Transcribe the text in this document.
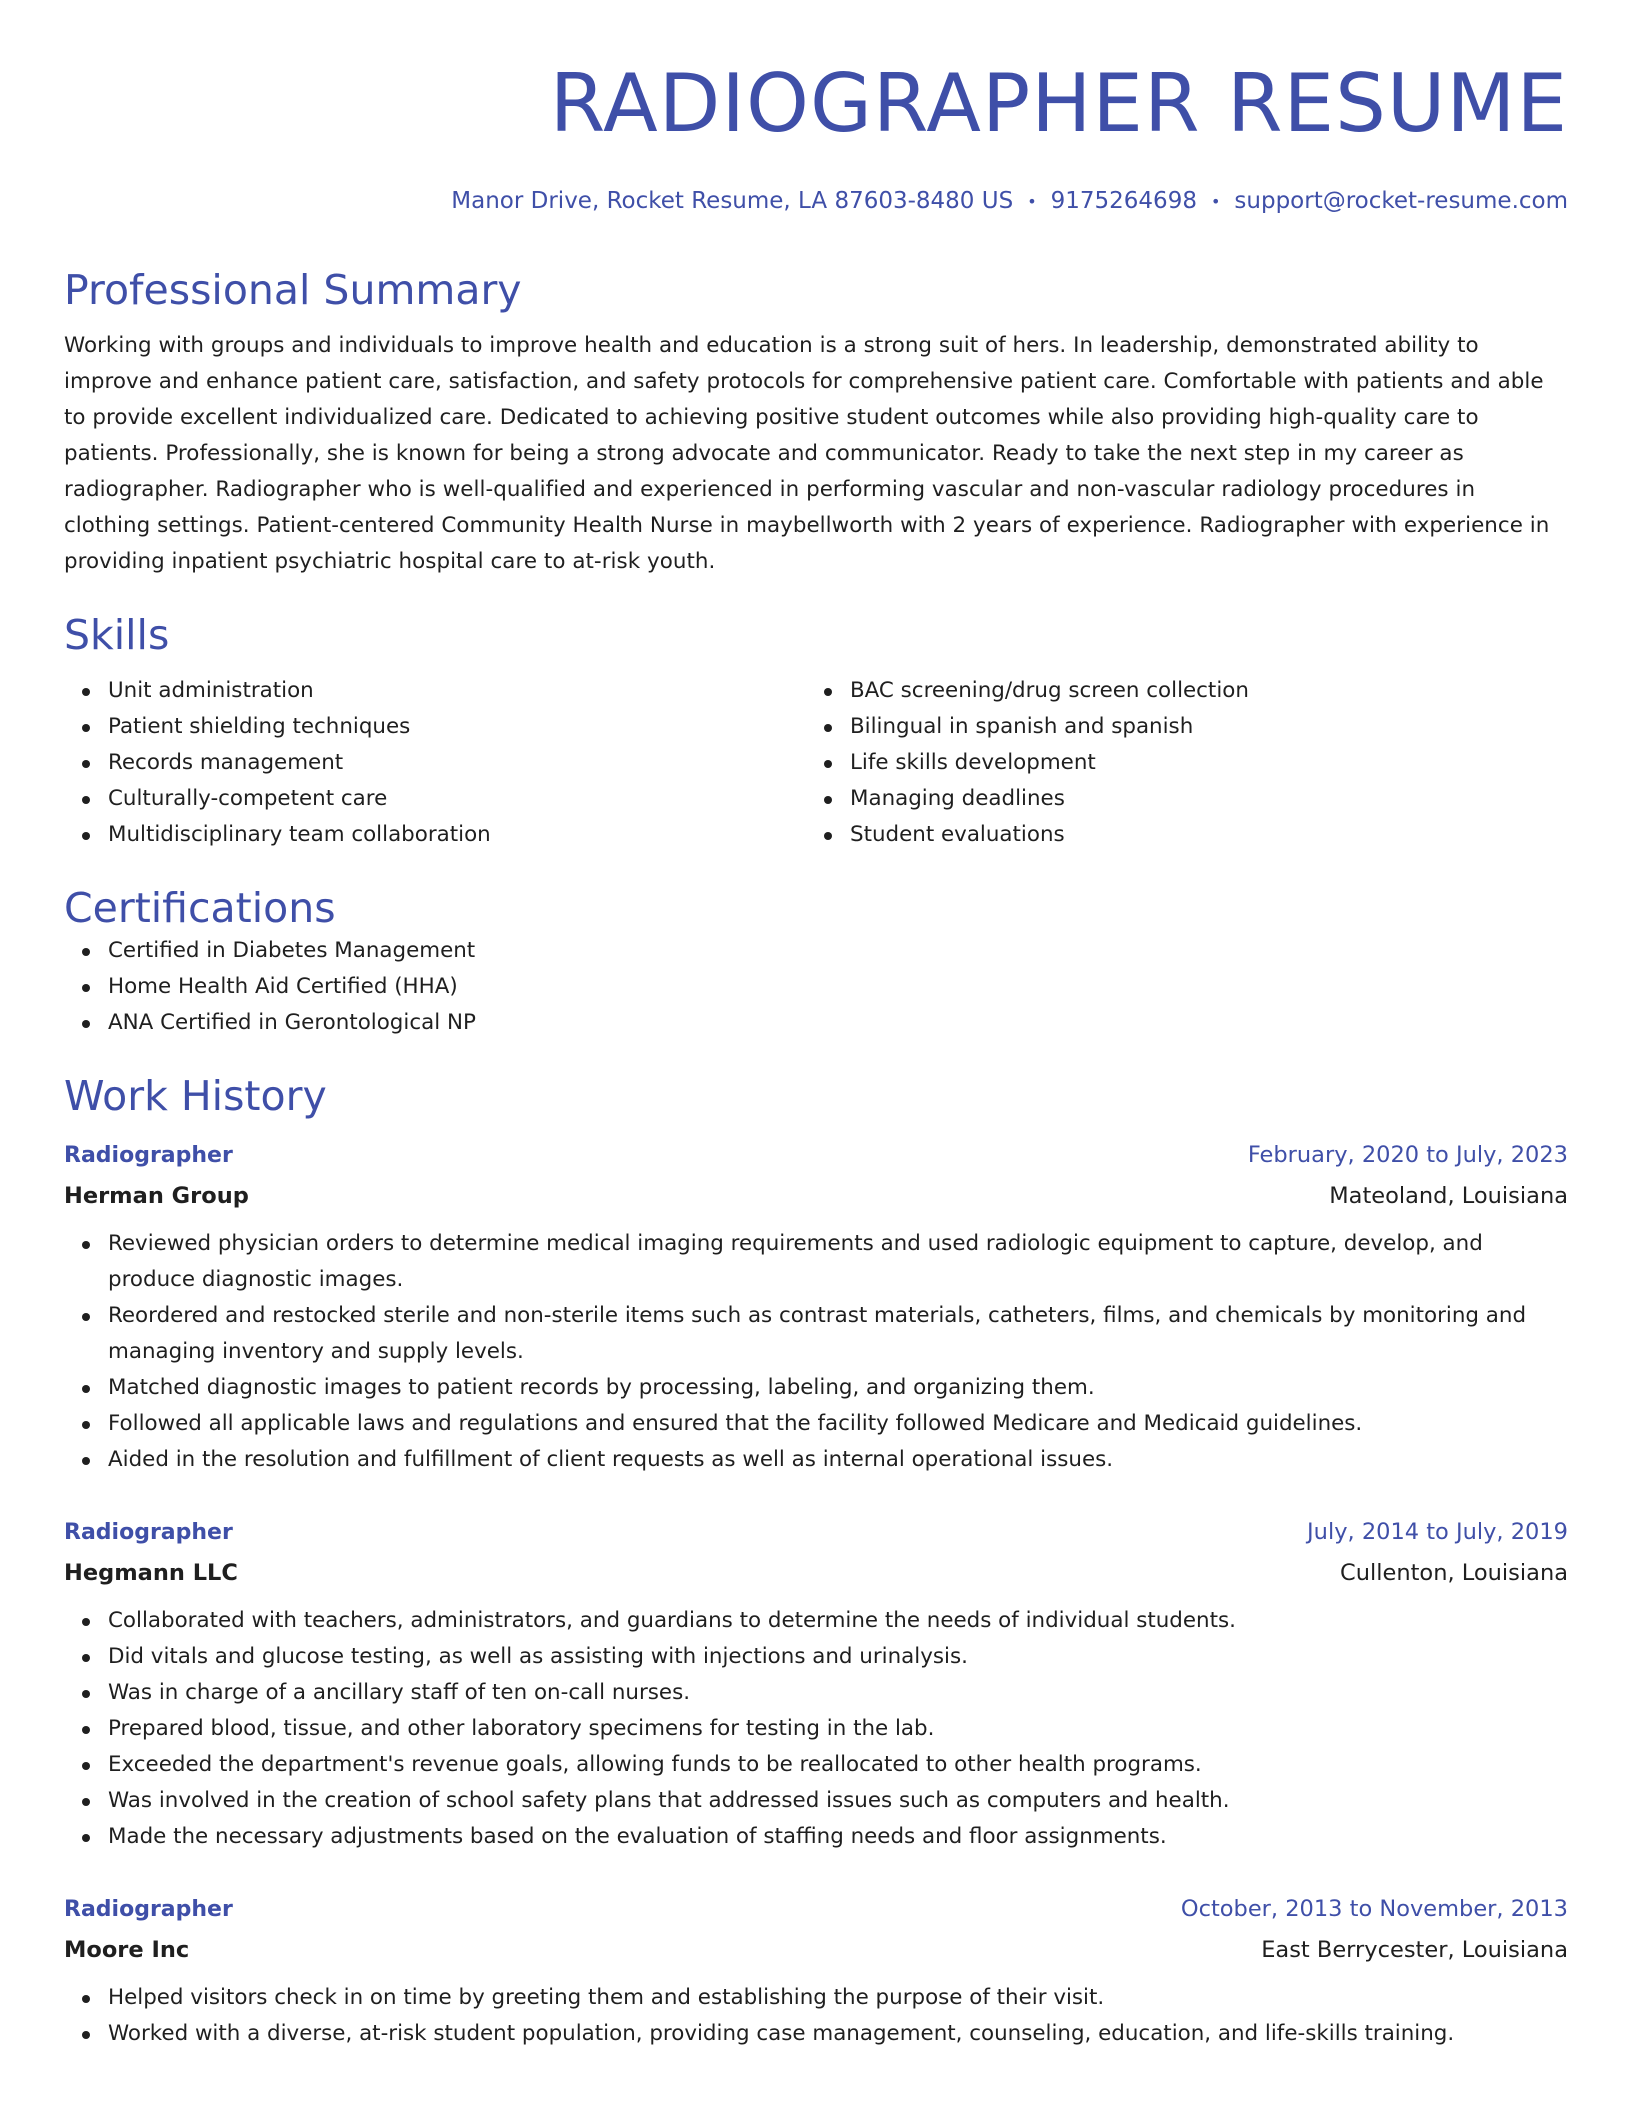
RADIOGRAPHER RESUME
Manor Drive, Rocket Resume, LA 87603-8480 US • 9175264698 • support@rocket-resume.com
Professional Summary

Working with groups and individuals to improve health and education is a strong suit of hers. In leadership, demonstrated ability to improve and enhance patient care, satisfaction, and safety protocols for comprehensive patient care. Comfortable with patients and able to provide excellent individualized care. Dedicated to achieving positive student outcomes while also providing high-quality care to patients. Professionally, she is known for being a strong advocate and communicator. Ready to take the next step in my career as radiographer. Radiographer who is well-qualified and experienced in performing vascular and non-vascular radiology procedures in clothing settings. Patient-centered Community Health Nurse in maybellworth with 2 years of experience. Radiographer with experience in providing inpatient psychiatric hospital care to at-risk youth.

Skills
Unit administration
Patient shielding techniques
Records management
Culturally-competent care
Multidisciplinary team collaboration
BAC screening/drug screen collection
Bilingual in spanish and spanish
Life skills development
Managing deadlines
Student evaluations
Certifications
Certified in Diabetes Management
Home Health Aid Certified (HHA)
ANA Certified in Gerontological NP
Work History
Radiographer	February, 2020 to July, 2023
Herman Group	Mateoland, Louisiana
Reviewed physician orders to determine medical imaging requirements and used radiologic equipment to capture, develop, and produce diagnostic images.
Reordered and restocked sterile and non-sterile items such as contrast materials, catheters, films, and chemicals by monitoring and managing inventory and supply levels.
Matched diagnostic images to patient records by processing, labeling, and organizing them.
Followed all applicable laws and regulations and ensured that the facility followed Medicare and Medicaid guidelines.
Aided in the resolution and fulfillment of client requests as well as internal operational issues.
Radiographer	July, 2014 to July, 2019
Hegmann LLC	Cullenton, Louisiana
Collaborated with teachers, administrators, and guardians to determine the needs of individual students.
Did vitals and glucose testing, as well as assisting with injections and urinalysis.
Was in charge of a ancillary staff of ten on-call nurses.
Prepared blood, tissue, and other laboratory specimens for testing in the lab.
Exceeded the department's revenue goals, allowing funds to be reallocated to other health programs.
Was involved in the creation of school safety plans that addressed issues such as computers and health.
Made the necessary adjustments based on the evaluation of staffing needs and floor assignments.
Radiographer	October, 2013 to November, 2013
Moore Inc	East Berrycester, Louisiana
Helped visitors check in on time by greeting them and establishing the purpose of their visit.
Worked with a diverse, at-risk student population, providing case management, counseling, education, and life-skills training.
